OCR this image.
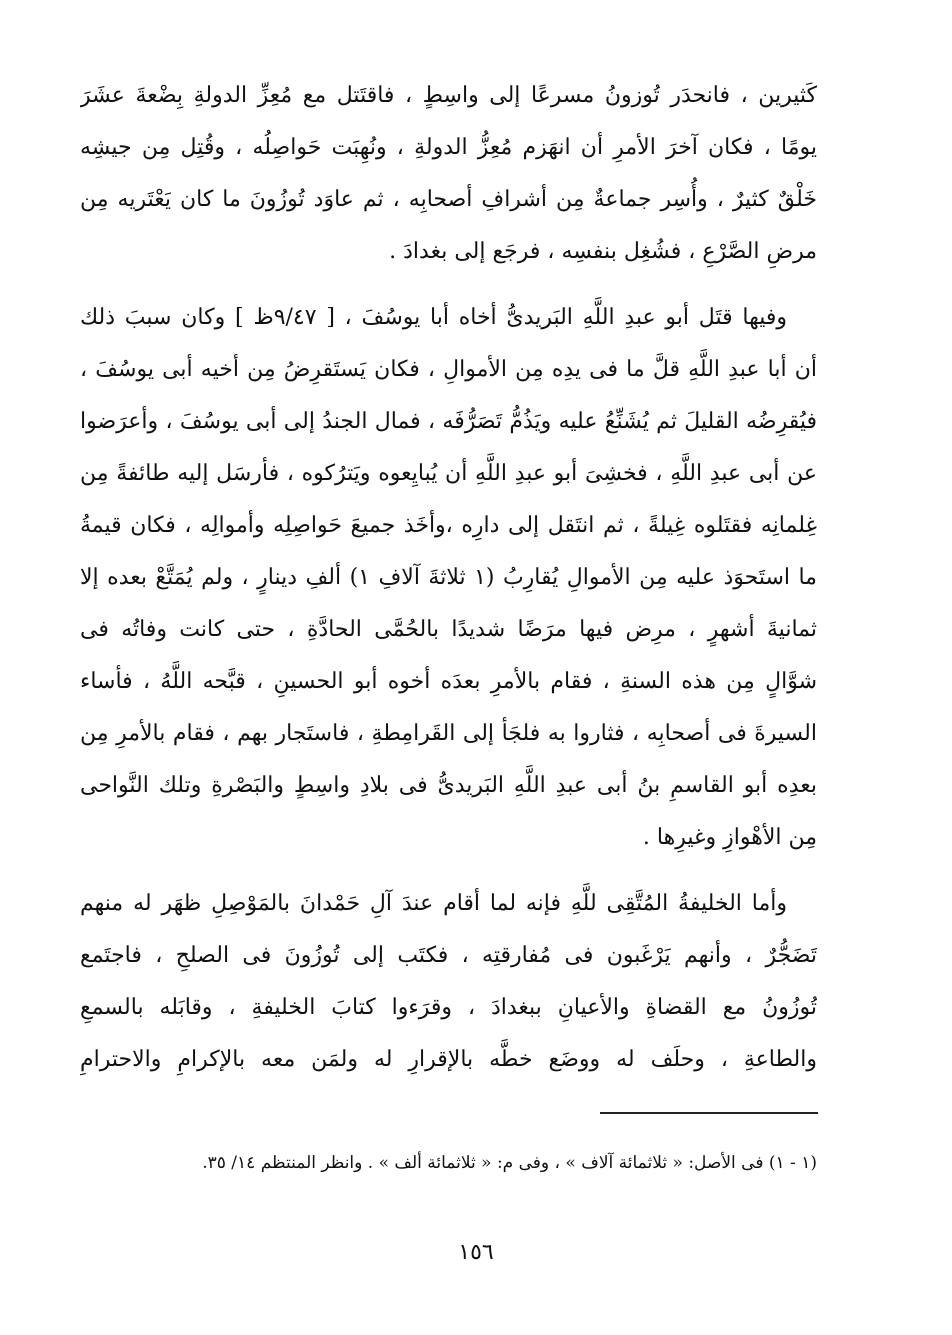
كَثيرين ، فانحدَر تُوزونُ مسرعًا إلى واسِطٍ ، فاقتَتل مع مُعِزِّ الدولةِ بِضْعةَ عشَرَ
يومًا ، فكان آخرَ الأمرِ أن انهَزم مُعِزُّ الدولةِ ، ونُهِبَت حَواصِلُه ، وقُتِل مِن جيشِه
خَلْقٌ كثيرٌ ، وأُسِر جماعةٌ مِن أشرافِ أصحابِه ، ثم عاوَد تُوزُونَ ما كان يَعْتَريه مِن
مرضِ الصَّرْعِ ، فشُغِل بنفسِه ، فرجَع إلى بغدادَ .
وفيها قتَل أبو عبدِ اللَّهِ البَريدىُّ أخاه أبا يوسُفَ ، [ ٩/٤٧ظ ] وكان سببَ ذلك
أن أبا عبدِ اللَّهِ قلَّ ما فى يدِه مِن الأموالِ ، فكان يَستَقرِضُ مِن أخيه أبى يوسُفَ ،
فيُقرِضُه القليلَ ثم يُشَنِّعُ عليه ويَذُمُّ تَصَرُّفَه ، فمال الجندُ إلى أبى يوسُفَ ، وأعرَضوا
عن أبى عبدِ اللَّهِ ، فخشِىَ أبو عبدِ اللَّهِ أن يُبايِعوه ويَترُكوه ، فأرسَل إليه طائفةً مِن
غِلمانِه فقتَلوه غِيلةً ، ثم انتَقل إلى دارِه ،وأخَذ جميعَ حَواصِلِه وأموالِه ، فكان قيمةُ
ما استَحوَذ عليه مِن الأموالِ يُقارِبُ (١ ثلاثةَ آلافِ ١) ألفِ دينارٍ ، ولم يُمَتَّعْ بعده إلا
ثمانيةَ أشهرٍ ، مرِض فيها مرَضًا شديدًا بالحُمَّى الحادَّةِ ، حتى كانت وفاتُه فى
شوَّالٍ مِن هذه السنةِ ، فقام بالأمرِ بعدَه أخوه أبو الحسينِ ، قبَّحه اللَّهُ ، فأساء
السيرةَ فى أصحابِه ، فثاروا به فلجَأ إلى القَرامِطةِ ، فاستَجار بهم ، فقام بالأمرِ مِن
بعدِه أبو القاسمِ بنُ أبى عبدِ اللَّهِ البَريدىُّ فى بلادِ واسِطٍ والبَصْرةِ وتلك النَّواحى
مِن الأهْوازِ وغيرِها .
وأما الخليفةُ المُتَّقِى للَّهِ فإنه لما أقام عندَ آلِ حَمْدانَ بالمَوْصِلِ ظهَر له منهم
تَضَجُّرٌ ، وأنهم يَرْغَبون فى مُفارقتِه ، فكتَب إلى تُوزُونَ فى الصلحِ ، فاجتَمع
تُوزُونُ مع القضاةِ والأعيانِ ببغدادَ ، وقرَءوا كتابَ الخليفةِ ، وقابَله بالسمعِ
والطاعةِ ، وحلَف له ووضَع خطَّه بالإقرارِ له ولمَن معه بالإكرامِ والاحترامِ
(١ - ١) فى الأصل: « ثلاثمائة آلاف » ، وفى م: « ثلاثمائة ألف » . وانظر المنتظم ١٤/ ٣٥.
١٥٦
